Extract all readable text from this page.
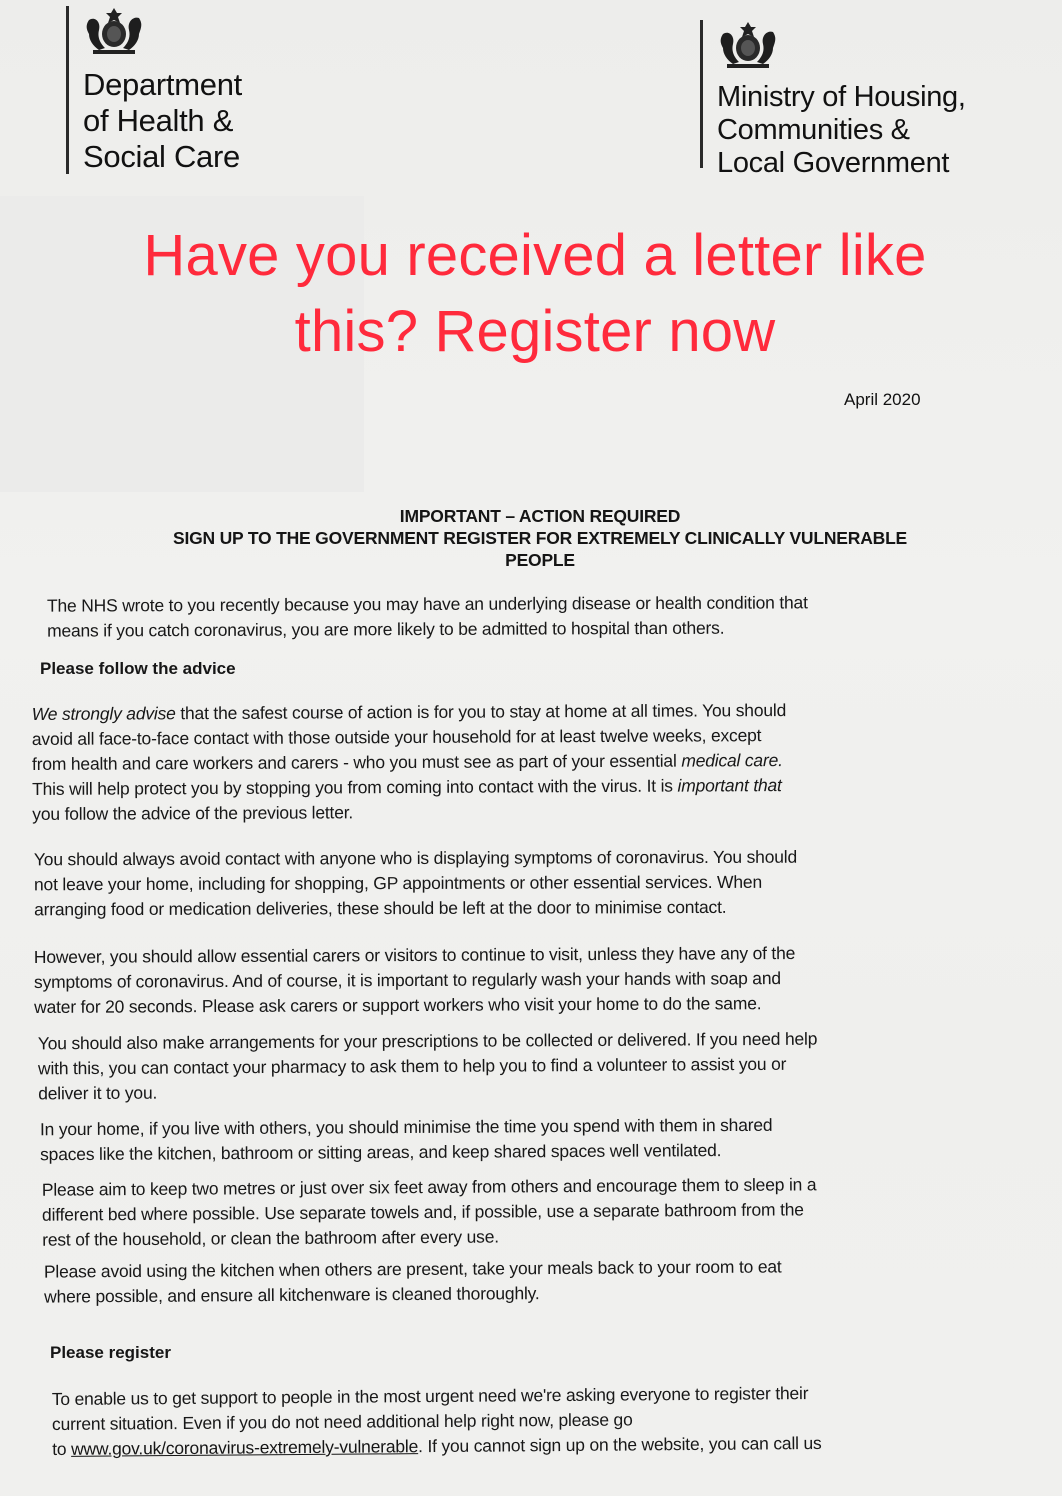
Department
of Health &
Social Care
Ministry of Housing,
Communities &
Local Government
Have you received a letter like
this? Register now
April 2020
IMPORTANT – ACTION REQUIRED
SIGN UP TO THE GOVERNMENT REGISTER FOR EXTREMELY CLINICALLY VULNERABLE
PEOPLE
The NHS wrote to you recently because you may have an underlying disease or health condition that
means if you catch coronavirus, you are more likely to be admitted to hospital than others.
Please follow the advice
We strongly advise that the safest course of action is for you to stay at home at all times. You should
avoid all face-to-face contact with those outside your household for at least twelve weeks, except
from health and care workers and carers - who you must see as part of your essential medical care.
This will help protect you by stopping you from coming into contact with the virus. It is important that
you follow the advice of the previous letter.
You should always avoid contact with anyone who is displaying symptoms of coronavirus. You should
not leave your home, including for shopping, GP appointments or other essential services. When
arranging food or medication deliveries, these should be left at the door to minimise contact.
However, you should allow essential carers or visitors to continue to visit, unless they have any of the
symptoms of coronavirus. And of course, it is important to regularly wash your hands with soap and
water for 20 seconds. Please ask carers or support workers who visit your home to do the same.
You should also make arrangements for your prescriptions to be collected or delivered. If you need help
with this, you can contact your pharmacy to ask them to help you to find a volunteer to assist you or
deliver it to you.
In your home, if you live with others, you should minimise the time you spend with them in shared
spaces like the kitchen, bathroom or sitting areas, and keep shared spaces well ventilated.
Please aim to keep two metres or just over six feet away from others and encourage them to sleep in a
different bed where possible. Use separate towels and, if possible, use a separate bathroom from the
rest of the household, or clean the bathroom after every use.
Please avoid using the kitchen when others are present, take your meals back to your room to eat
where possible, and ensure all kitchenware is cleaned thoroughly.
Please register
To enable us to get support to people in the most urgent need we're asking everyone to register their
current situation. Even if you do not need additional help right now, please go
to www.gov.uk/coronavirus-extremely-vulnerable. If you cannot sign up on the website, you can call us
